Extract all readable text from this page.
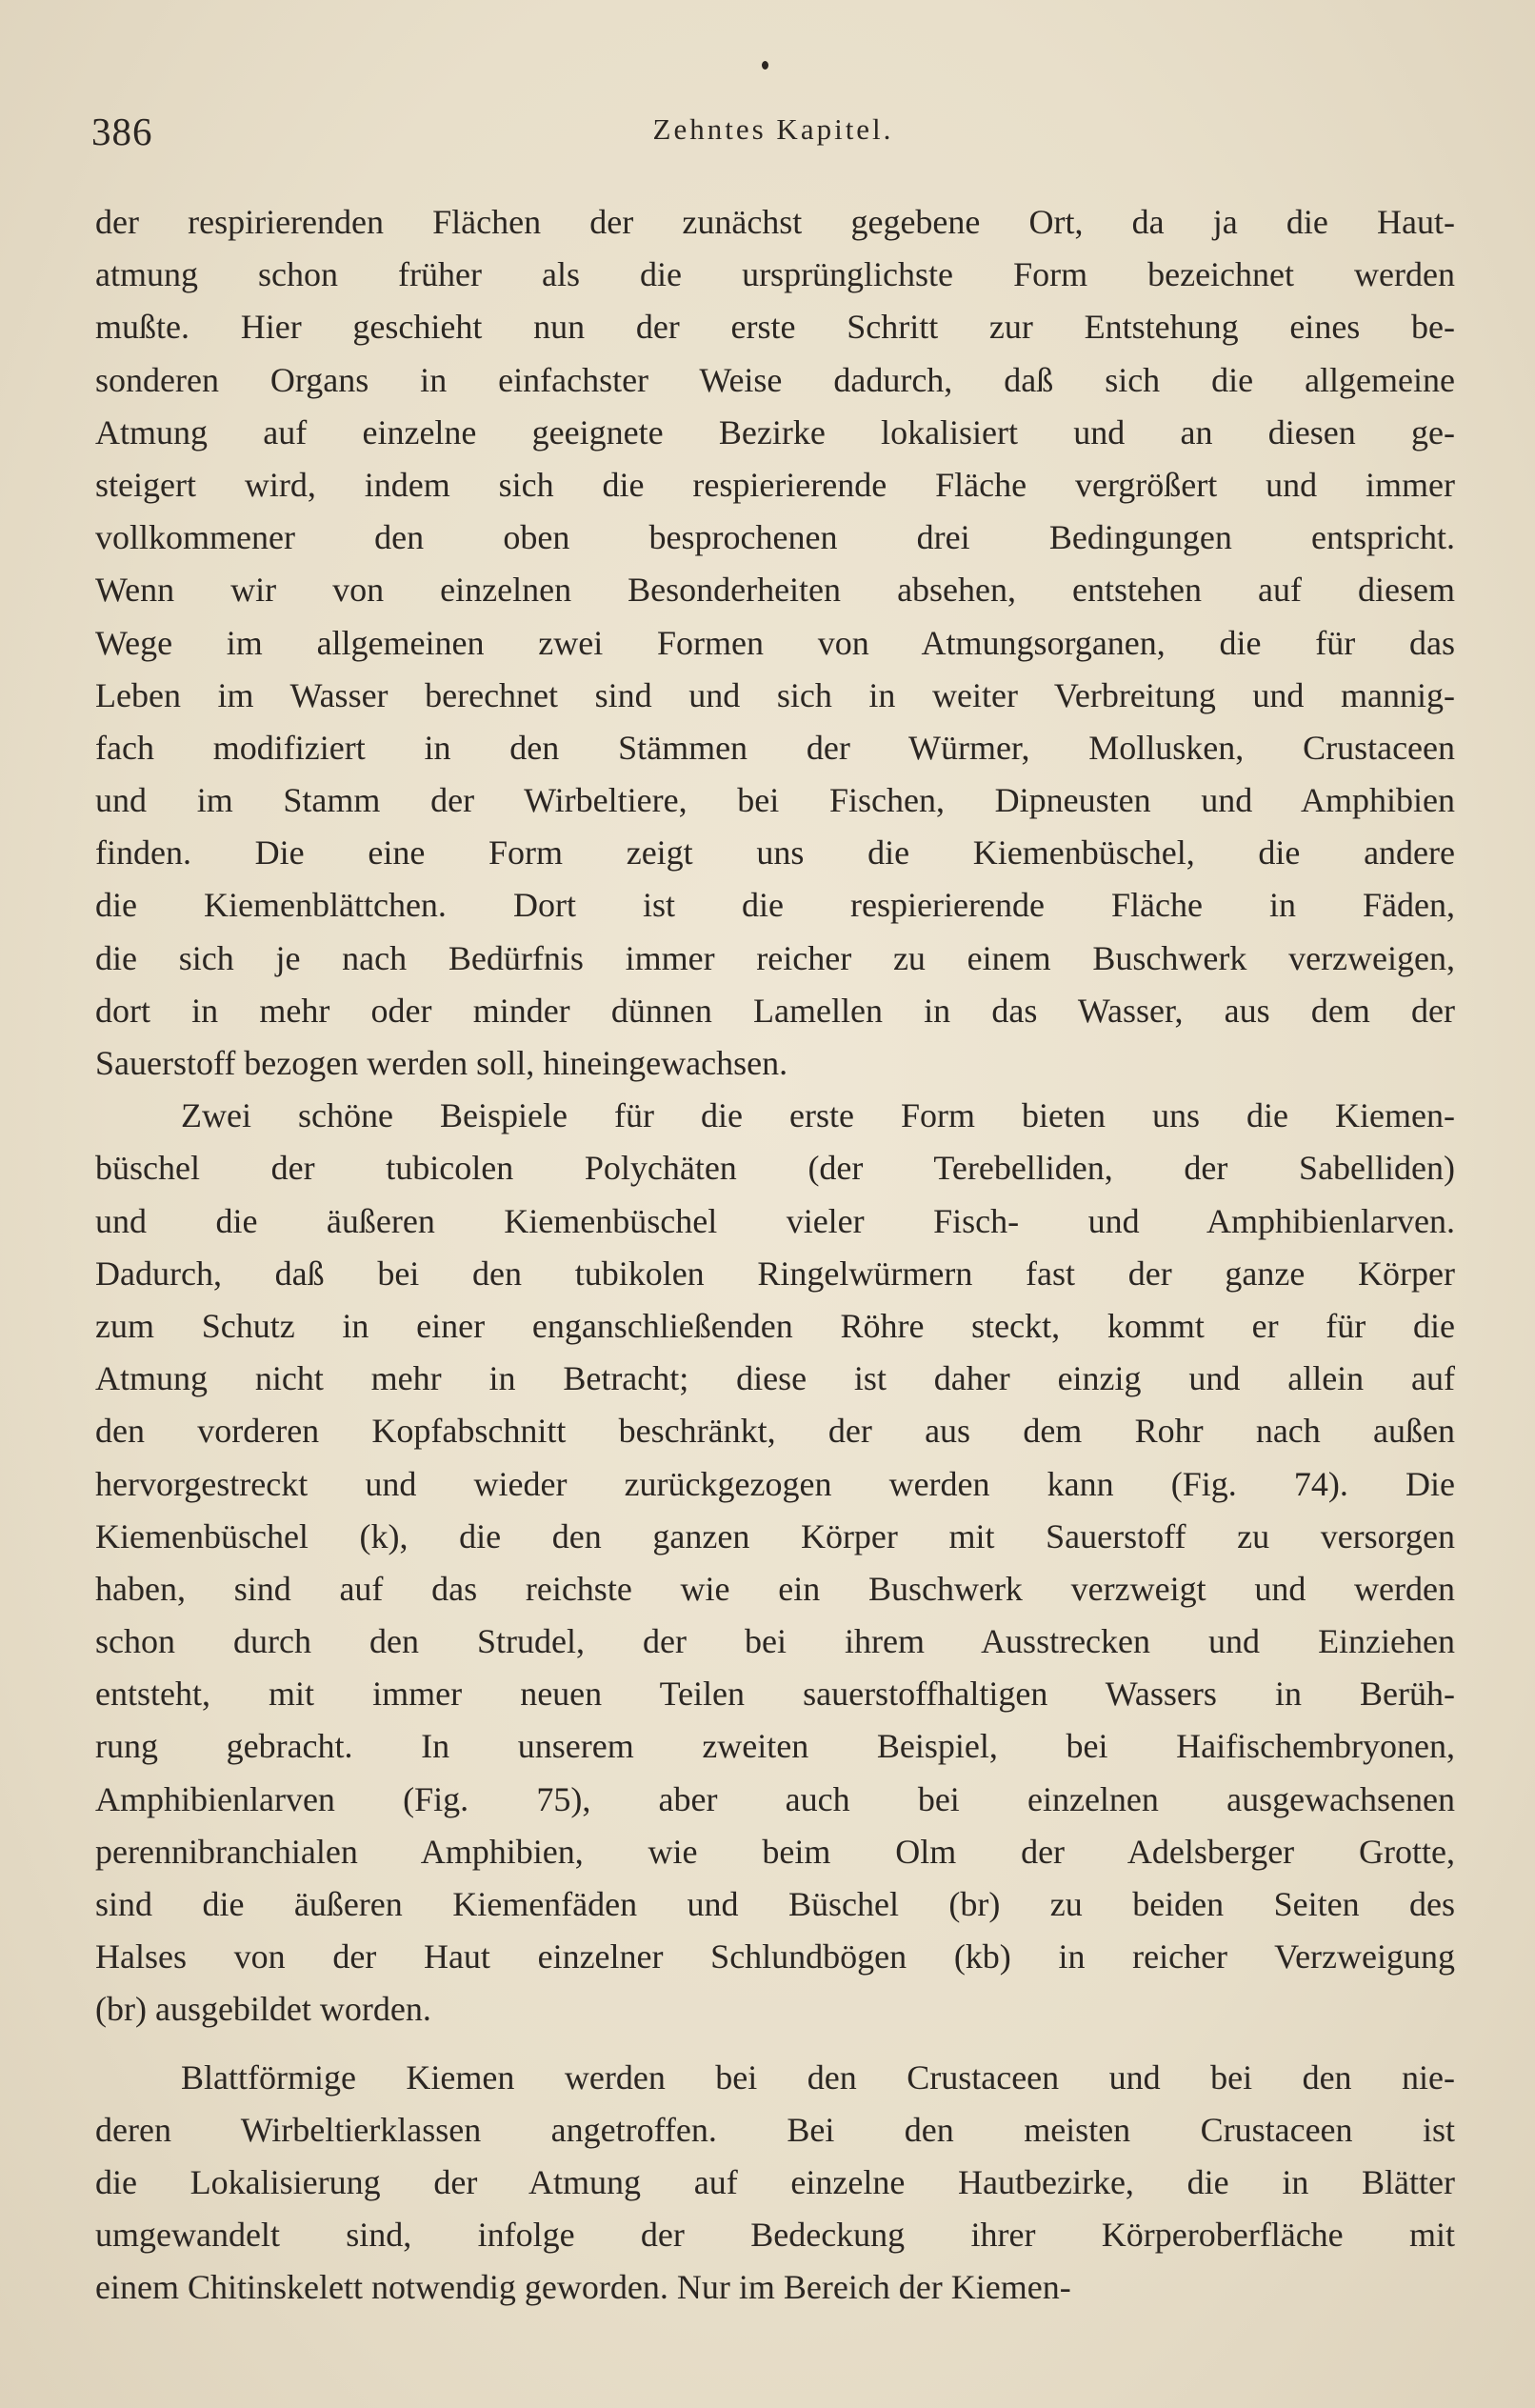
386	Zehntes Kapitel.
der respirierenden Flächen der zunächst gegebene Ort, da ja die Haut-
atmung schon früher als die ursprünglichste Form bezeichnet werden
mußte. Hier geschieht nun der erste Schritt zur Entstehung eines be-
sonderen Organs in einfachster Weise dadurch, daß sich die allgemeine
Atmung auf einzelne geeignete Bezirke lokalisiert und an diesen ge-
steigert wird, indem sich die respierierende Fläche vergrößert und immer
vollkommener den oben besprochenen drei Bedingungen entspricht.
Wenn wir von einzelnen Besonderheiten absehen, entstehen auf diesem
Wege im allgemeinen zwei Formen von Atmungsorganen, die für das
Leben im Wasser berechnet sind und sich in weiter Verbreitung und mannig-
fach modifiziert in den Stämmen der Würmer, Mollusken, Crustaceen
und im Stamm der Wirbeltiere, bei Fischen, Dipneusten und Amphibien
finden. Die eine Form zeigt uns die Kiemenbüschel, die andere
die Kiemenblättchen. Dort ist die respierierende Fläche in Fäden,
die sich je nach Bedürfnis immer reicher zu einem Buschwerk verzweigen,
dort in mehr oder minder dünnen Lamellen in das Wasser, aus dem der
Sauerstoff bezogen werden soll, hineingewachsen.
Zwei schöne Beispiele für die erste Form bieten uns die Kiemen-
büschel der tubicolen Polychäten (der Terebelliden, der Sabelliden)
und die äußeren Kiemenbüschel vieler Fisch- und Amphibienlarven.
Dadurch, daß bei den tubikolen Ringelwürmern fast der ganze Körper
zum Schutz in einer enganschließenden Röhre steckt, kommt er für die
Atmung nicht mehr in Betracht; diese ist daher einzig und allein auf
den vorderen Kopfabschnitt beschränkt, der aus dem Rohr nach außen
hervorgestreckt und wieder zurückgezogen werden kann (Fig. 74). Die
Kiemenbüschel (k), die den ganzen Körper mit Sauerstoff zu versorgen
haben, sind auf das reichste wie ein Buschwerk verzweigt und werden
schon durch den Strudel, der bei ihrem Ausstrecken und Einziehen
entsteht, mit immer neuen Teilen sauerstoffhaltigen Wassers in Berüh-
rung gebracht. In unserem zweiten Beispiel, bei Haifischembryonen,
Amphibienlarven (Fig. 75), aber auch bei einzelnen ausgewachsenen
perennibranchialen Amphibien, wie beim Olm der Adelsberger Grotte,
sind die äußeren Kiemenfäden und Büschel (br) zu beiden Seiten des
Halses von der Haut einzelner Schlundbögen (kb) in reicher Verzweigung
(br) ausgebildet worden.
Blattförmige Kiemen werden bei den Crustaceen und bei den nie-
deren Wirbeltierklassen angetroffen. Bei den meisten Crustaceen ist
die Lokalisierung der Atmung auf einzelne Hautbezirke, die in Blätter
umgewandelt sind, infolge der Bedeckung ihrer Körperoberfläche mit
einem Chitinskelett notwendig geworden. Nur im Bereich der Kiemen-
